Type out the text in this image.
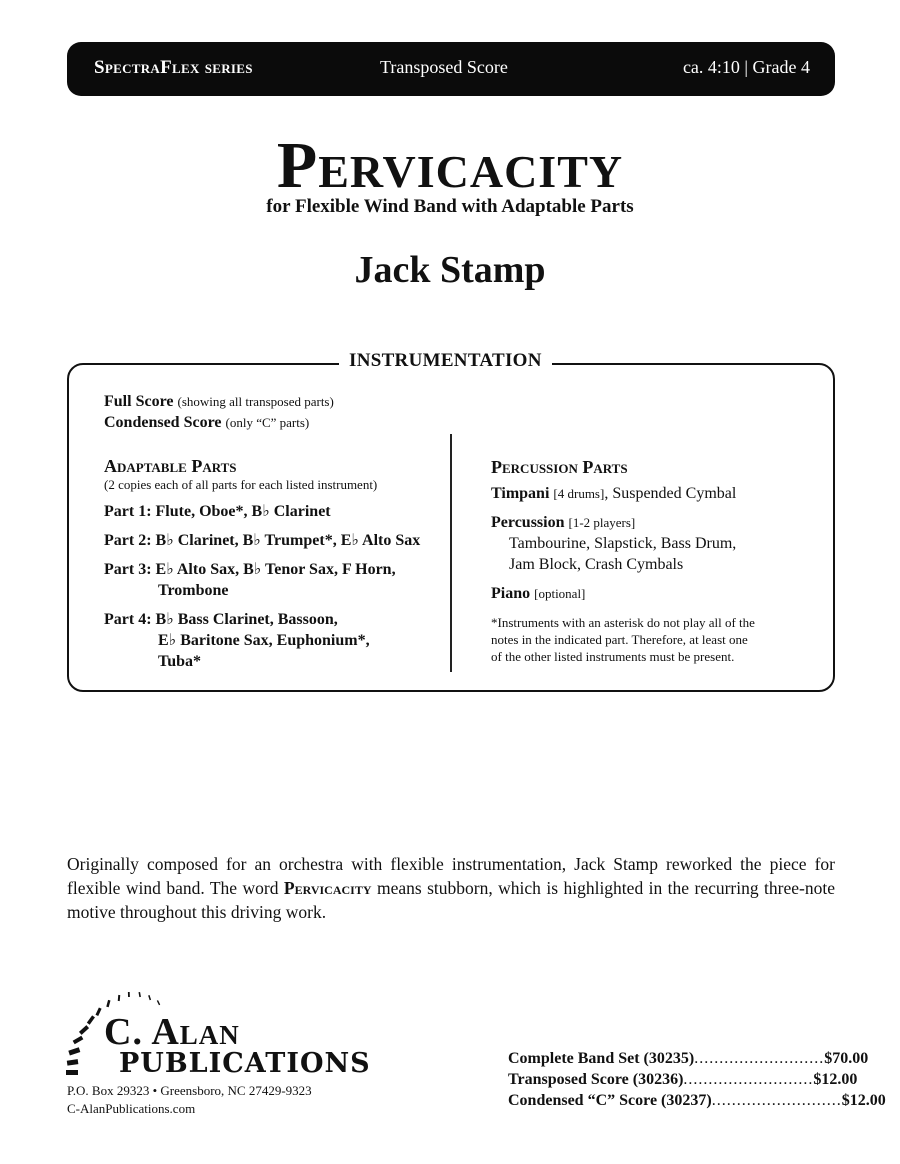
SpectraFlex series	Transposed Score	ca. 4:10 | Grade 4
Pervicacity
for Flexible Wind Band with Adaptable Parts
Jack Stamp
INSTRUMENTATION
Full Score (showing all transposed parts)
Condensed Score (only “C” parts)
Adaptable Parts
(2 copies each of all parts for each listed instrument)
Part 1: Flute, Oboe*, B♭ Clarinet
Part 2: B♭ Clarinet, B♭ Trumpet*, E♭ Alto Sax
Part 3: E♭ Alto Sax, B♭ Tenor Sax, F Horn,
Trombone
Part 4: B♭ Bass Clarinet, Bassoon,
E♭ Baritone Sax, Euphonium*,
Tuba*
Percussion Parts
Timpani [4 drums], Suspended Cymbal
Percussion [1-2 players]
Tambourine, Slapstick, Bass Drum,
Jam Block, Crash Cymbals
Piano [optional]
*Instruments with an asterisk do not play all of the
notes in the indicated part. Therefore, at least one
of the other listed instruments must be present.
Originally composed for an orchestra with flexible instrumentation, Jack Stamp reworked the piece for flexible wind band. The word Pervicacity means stubborn, which is highlighted in the recurring three-note motive throughout this driving work.
C. Alan
PUBLICATIONS
P.O. Box 29323 • Greensboro, NC 27429-9323
C-AlanPublications.com
Complete Band Set (30235) .......................... $70.00
Transposed Score (30236) .......................... $12.00
Condensed “C” Score (30237) .......................... $12.00
